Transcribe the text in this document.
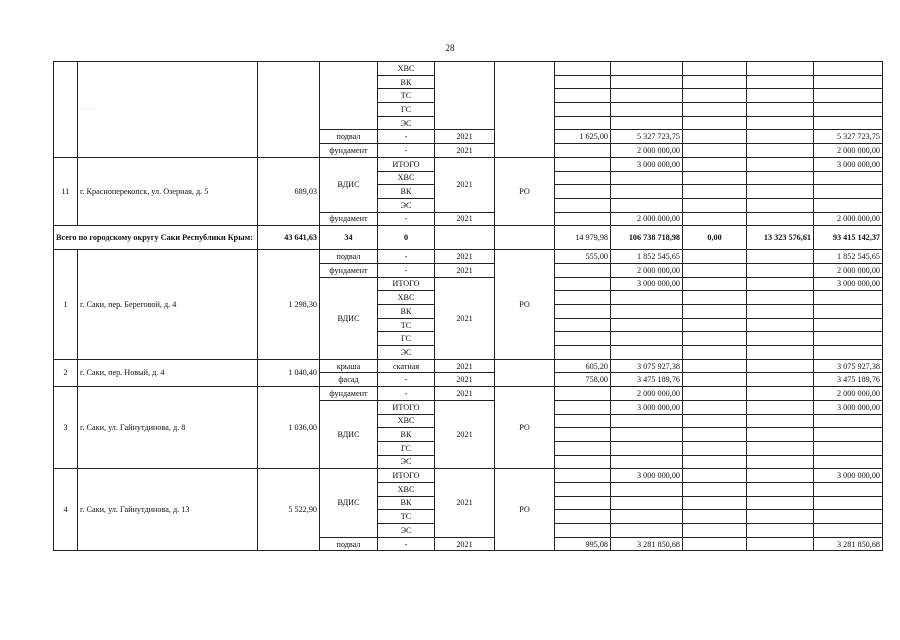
28
	· · · · ·			ХВС							
				ВК							
				ТС							
				ГС							
				ЭС							
			подвал	-	2021		1 625,00	5 327 723,75			5 327 723,75
			фундамент	-	2021			2 000 000,00			2 000 000,00
11	г. Красноперекопск, ул. Озерная, д. 5	689,03	ВДИС	ИТОГО	2021	РО		3 000 000,00			3 000 000,00
				ХВС							
				ВК							
				ЭС							
			фундамент	-	2021			2 000 000,00			2 000 000,00
Всего по городскому округу Саки Республики Крым:		43 641,63	34	0			14 979,98	106 738 718,98	0,00	13 323 576,61	93 415 142,37
1	г. Саки, пер. Береговой, д. 4	1 298,30	подвал	-	2021	РО	555,00	1 852 545,65			1 852 545,65
			фундамент	-	2021			2 000 000,00			2 000 000,00
			ВДИС	ИТОГО	2021			3 000 000,00			3 000 000,00
				ХВС							
				ВК							
				ТС							
				ГС							
				ЭС							
2	г. Саки, пер. Новый, д. 4	1 040,40	крыша	скатная	2021		605,20	3 075 927,38			3 075 927,38
			фасад	-	2021		758,00	3 475 189,76			3 475 189,76
3	г. Саки, ул. Гайнутдинова, д. 8	1 036,00	фундамент	-	2021	РО		2 000 000,00			2 000 000,00
			ВДИС	ИТОГО	2021			3 000 000,00			3 000 000,00
				ХВС							
				ВК							
				ГС							
				ЭС							
4	г. Саки, ул. Гайнутдинова, д. 13	5 522,90	ВДИС	ИТОГО	2021	РО		3 000 000,00			3 000 000,00
				ХВС							
				ВК							
				ТС							
				ЭС							
			подвал	-	2021		995,08	3 281 850,68			3 281 850,68
